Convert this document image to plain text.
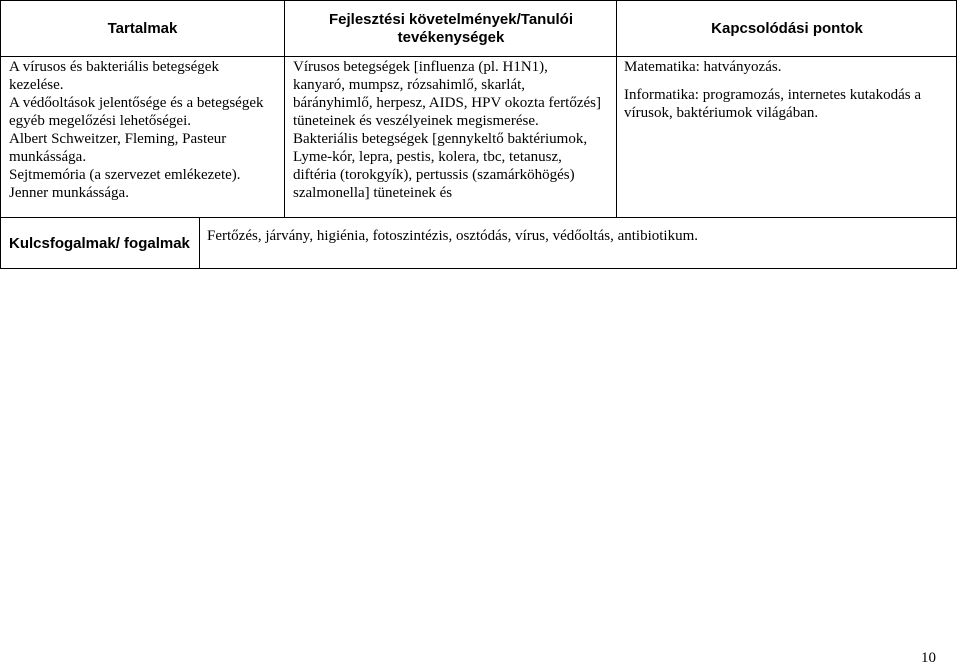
Tartalmak
Fejlesztési követelmények/Tanulói tevékenységek
Kapcsolódási pontok

A vírusos és bakteriális betegségek kezelése.

A védőoltások jelentősége és a betegségek egyéb megelőzési lehetőségei.

Albert Schweitzer, Fleming, Pasteur munkássága.

Sejtmemória (a szervezet emlékezete).

Jenner munkássága.

Vírusos betegségek [influenza (pl. H1N1), kanyaró, mumpsz, rózsahimlő, skarlát, bárányhimlő, herpesz, AIDS, HPV okozta fertőzés] tüneteinek és veszélyeinek megismerése.

Bakteriális betegségek [gennykeltő baktériumok, Lyme-kór, lepra, pestis, kolera, tbc, tetanusz, diftéria (torokgyík), pertussis (szamárköhögés) szalmonella] tüneteinek és

Matematika: hatványozás.

Informatika: programozás, internetes kutakodás a vírusok, baktériumok világában.

Kulcsfogalmak/ fogalmak Fertőzés, járvány, higiénia, fotoszintézis, osztódás, vírus, védőoltás, antibiotikum.
10
